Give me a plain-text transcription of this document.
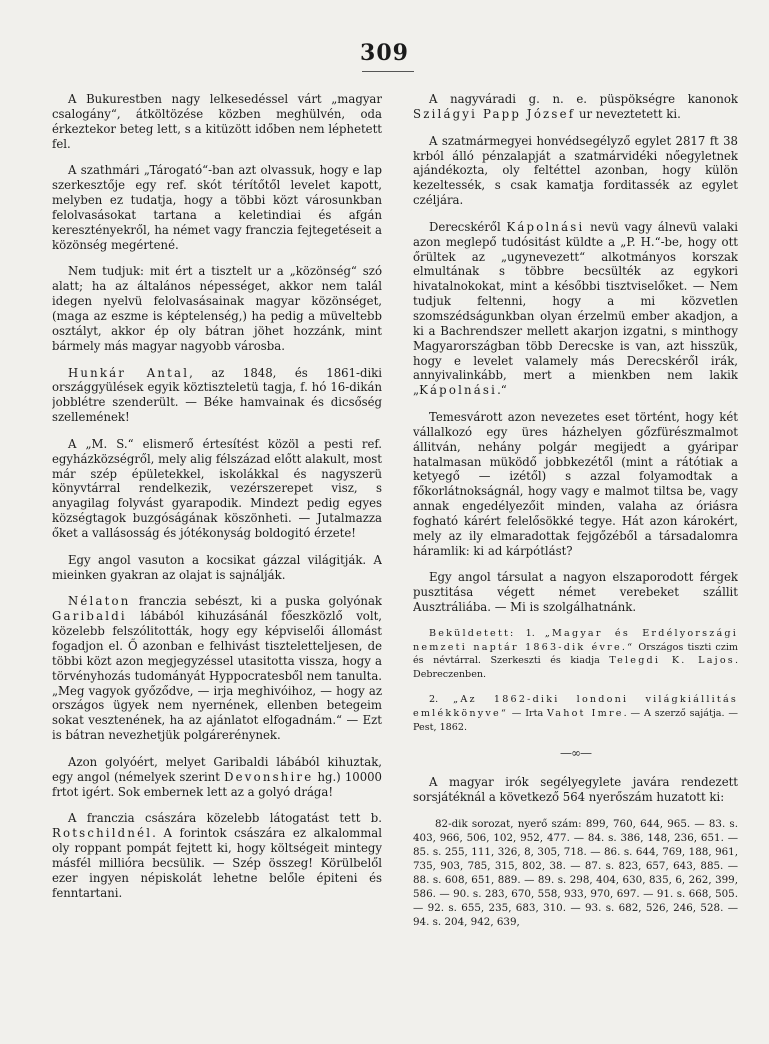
309

A Bukurestben nagy lelkesedéssel várt „magyar csalogány“, átköltözése közben meghülvén, oda érkeztekor beteg lett, s a kitüzött időben nem léphetett fel.

A szathmári „Tárogató“-ban azt olvassuk, hogy e lap szerkesztője egy ref. skót térítőtől levelet kapott, melyben ez tudatja, hogy a többi közt városunkban felolvasásokat tartana a keletindiai és afgán keresztényekről, ha német vagy franczia fejtegetéseit a közönség megértené.

Nem tudjuk: mit ért a tisztelt ur a „közönség“ szó alatt; ha az általános népességet, akkor nem talál idegen nyelvü felolvasásainak magyar közönséget, (maga az eszme is képtelenség,) ha pedig a müveltebb osztályt, akkor ép oly bátran jöhet hozzánk, mint bármely más magyar nagyobb városba.

Hunkár Antal, az 1848, és 1861-diki országgyülések egyik köztiszteletü tagja, f. hó 16-dikán jobblétre szenderült. — Béke hamvainak és dicsőség szellemének!

A „M. S.“ elismerő értesítést közöl a pesti ref. egyházközségről, mely alig félszázad előtt alakult, most már szép épületekkel, iskolákkal és nagyszerü könyvtárral rendelkezik, vezérszerepet visz, s anyagilag folyvást gyarapodik. Mindezt pedig egyes községtagok buzgóságának köszönheti. — Jutalmazza őket a vallásosság és jótékonyság boldogitó érzete!

Egy angol vasuton a kocsikat gázzal világitják. A mieinken gyakran az olajat is sajnálják.

Nélaton franczia sebészt, ki a puska golyónak Garibaldi lábából kihuzásánál főeszközlő volt, közelebb felszólitották, hogy egy képviselői állomást fogadjon el. Ő azonban e felhivást tiszteletteljesen, de többi közt azon megjegyzéssel utasitotta vissza, hogy a törvényhozás tudományát Hyppocratesből nem tanulta. „Meg vagyok győződve, — irja meghivóihoz, — hogy az országos ügyek nem nyernének, ellenben betegeim sokat vesztenének, ha az ajánlatot elfogadnám.“ — Ezt is bátran nevezhetjük polgárerénynek.

Azon golyóért, melyet Garibaldi lábából kihuztak, egy angol (némelyek szerint Devonshire hg.) 10000 frtot igért. Sok embernek lett az a golyó drága!

A franczia császára közelebb látogatást tett b. Rotschildnél. A forintok császára ez alkalommal oly roppant pompát fejtett ki, hogy költségeit mintegy másfél millióra becsülik. — Szép összeg! Körülbelől ezer ingyen népiskolát lehetne belőle épiteni és fenntartani.

A nagyváradi g. n. e. püspökségre kanonok Szilágyi Papp József ur neveztetett ki.

A szatmármegyei honvédsegélyző egylet 2817 ft 38 krból álló pénzalapját a szatmárvidéki nőegyletnek ajándékozta, oly feltéttel azonban, hogy külön kezeltessék, s csak kamatja forditassék az egylet czéljára.

Derecskéről Kápolnási nevü vagy álnevü valaki azon meglepő tudósitást küldte a „P. H.“-be, hogy ott őrültek az „ugynevezett“ alkotmányos korszak elmultának s többre becsülték az egykori hivatalnokokat, mint a későbbi tisztviselőket. — Nem tudjuk feltenni, hogy a mi közvetlen szomszédságunkban olyan érzelmü ember akadjon, a ki a Bachrendszer mellett akarjon izgatni, s minthogy Magyarországban több Derecske is van, azt hisszük, hogy e levelet valamely más Derecskéről irák, annyivalinkább, mert a mienkben nem lakik „Kápolnási.“

Temesvárott azon nevezetes eset történt, hogy két vállalkozó egy üres házhelyen gőzfürészmalmot állitván, nehány polgár megijedt a gyáripar hatalmasan müködő jobbkezétől (mint a rátótiak a ketyegő — izétől) s azzal folyamodtak a főkorlátnokságnál, hogy vagy e malmot tiltsa be, vagy annak engedélyezőit minden, valaha az óriásra fogható kárért felelősökké tegye. Hát azon károkért, mely az ily elmaradottak fejgőzéből a társadalomra háramlik: ki ad kárpótlást?

Egy angol társulat a nagyon elszaporodott férgek pusztitása végett német verebeket szállit Ausztráliába. — Mi is szolgálhatnánk.

Beküldetett: 1. „Magyar és Erdélyországi nemzeti naptár 1863-dik évre.“ Országos tiszti czim és névtárral. Szerkeszti és kiadja Telegdi K. Lajos. Debreczenben.

2. „Az 1862-diki londoni világkiállitás emlékkönyve“ — Irta Vahot Imre. — A szerző sajátja. — Pest, 1862.

—∞—

A magyar irók segélyegylete javára rendezett sorsjátéknál a következő 564 nyerőszám huzatott ki:

82-dik sorozat, nyerő szám: 899, 760, 644, 965. — 83. s. 403, 966, 506, 102, 952, 477. — 84. s. 386, 148, 236, 651. — 85. s. 255, 111, 326, 8, 305, 718. — 86. s. 644, 769, 188, 961, 735, 903, 785, 315, 802, 38. — 87. s. 823, 657, 643, 885. — 88. s. 608, 651, 889. — 89. s. 298, 404, 630, 835, 6, 262, 399, 586. — 90. s. 283, 670, 558, 933, 970, 697. — 91. s. 668, 505. — 92. s. 655, 235, 683, 310. — 93. s. 682, 526, 246, 528. — 94. s. 204, 942, 639,
